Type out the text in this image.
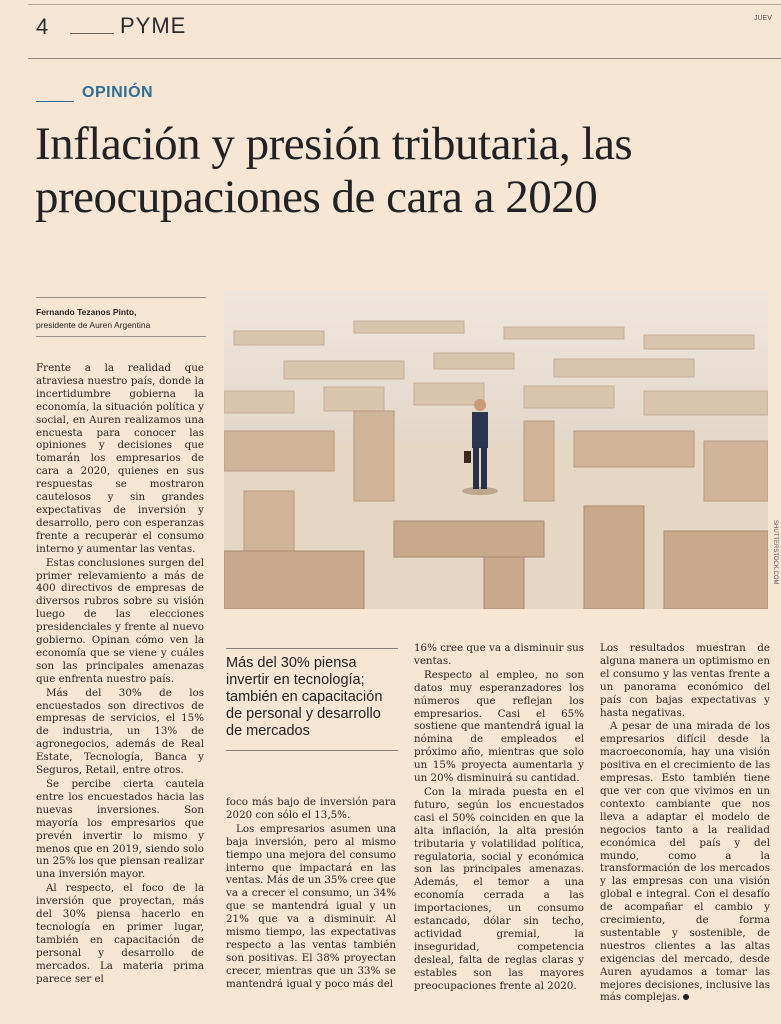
4	PYME	JUEV
OPINIÓN
Inflación y presión tributaria, las preocupaciones de cara a 2020
Fernando Tezanos Pinto,
presidente de Auren Argentina
SHUTTERSTOCK.COM

Frente a la realidad que atraviesa nuestro país, donde la incertidumbre gobierna la economía, la situación política y social, en Auren realizamos una encuesta para conocer las opiniones y decisiones que tomarán los empresarios de cara a 2020, quienes en sus respuestas se mostraron cautelosos y sin grandes expectativas de inversión y desarrollo, pero con esperanzas frente a recuperar el consumo interno y aumentar las ventas.

Estas conclusiones surgen del primer relevamiento a más de 400 directivos de empresas de diversos rubros sobre su visión luego de las elecciones presidenciales y frente al nuevo gobierno. Opinan cómo ven la economía que se viene y cuáles son las principales amenazas que enfrenta nuestro país.

Más del 30% de los encuestados son directivos de empresas de servicios, el 15% de industria, un 13% de agronegocios, además de Real Estate, Tecnología, Banca y Seguros, Retail, entre otros.

Se percibe cierta cautela entre los encuestados hacia las nuevas inversiones. Son mayoría los empresarios que prevén invertir lo mismo y menos que en 2019, siendo solo un 25% los que piensan realizar una inversión mayor.

Al respecto, el foco de la inversión que proyectan, más del 30% piensa hacerlo en tecnología en primer lugar, también en capacitación de personal y desarrollo de mercados. La materia prima parece ser el

Más del 30% piensa invertir en tecnología; también en capacitación de personal y desarrollo de mercados

foco más bajo de inversión para 2020 con sólo el 13,5%.

Los empresarios asumen una baja inversión, pero al mismo tiempo una mejora del consumo interno que impactará en las ventas. Más de un 35% cree que va a crecer el consumo, un 34% que se mantendrá igual y un 21% que va a disminuir. Al mismo tiempo, las expectativas respecto a las ventas también son positivas. El 38% proyectan crecer, mientras que un 33% se mantendrá igual y poco más del

16% cree que va a disminuir sus ventas.

Respecto al empleo, no son datos muy esperanzadores los números que reflejan los empresarios. Casi el 65% sostiene que mantendrá igual la nómina de empleados el próximo año, mientras que solo un 15% proyecta aumentarla y un 20% disminuirá su cantidad.

Con la mirada puesta en el futuro, según los encuestados casi el 50% coinciden en que la alta inflación, la alta presión tributaria y volatilidad política, regulatoria, social y económica son las principales amenazas. Además, el temor a una economía cerrada a las importaciones, un consumo estancado, dólar sin techo, actividad gremial, la inseguridad, competencia desleal, falta de reglas claras y estables son las mayores preocupaciones frente al 2020.

Los resultados muestran de alguna manera un optimismo en el consumo y las ventas frente a un panorama económico del país con bajas expectativas y hasta negativas.

A pesar de una mirada de los empresarios difícil desde la macroeconomía, hay una visión positiva en el crecimiento de las empresas. Esto también tiene que ver con que vivimos en un contexto cambiante que nos lleva a adaptar el modelo de negocios tanto a la realidad económica del país y del mundo, como a la transformación de los mercados y las empresas con una visión global e integral. Con el desafío de acompañar el cambio y crecimiento, de forma sustentable y sostenible, de nuestros clientes a las altas exigencias del mercado, desde Auren ayudamos a tomar las mejores decisiones, inclusive las más complejas.
